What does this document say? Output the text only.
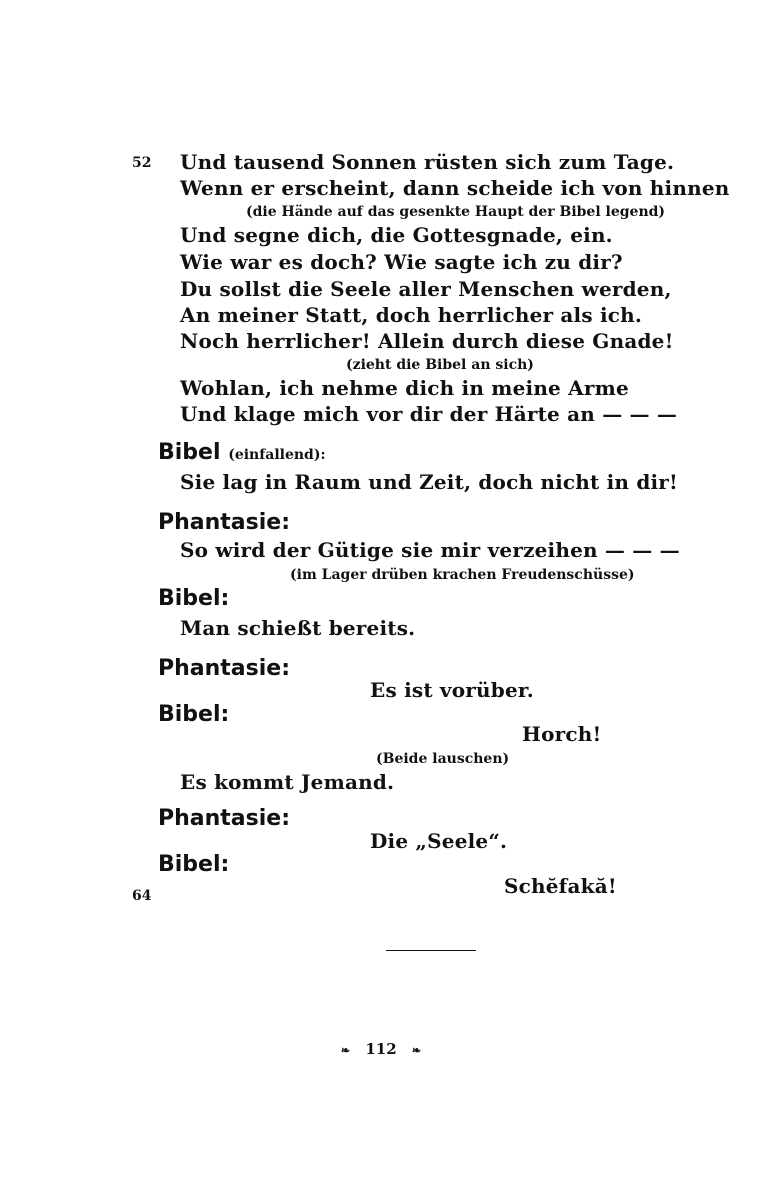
52 Und tausend Sonnen rüsten sich zum Tage.
Wenn er erscheint, dann scheide ich von hinnen
(die Hände auf das gesenkte Haupt der Bibel legend)
Und segne dich, die Gottesgnade, ein.
Wie war es doch? Wie sagte ich zu dir?
Du sollst die Seele aller Menschen werden,
An meiner Statt, doch herrlicher als ich.
Noch herrlicher! Allein durch diese Gnade!
(zieht die Bibel an sich)
Wohlan, ich nehme dich in meine Arme
Und klage mich vor dir der Härte an — — —
Bibel (einfallend):
Sie lag in Raum und Zeit, doch nicht in dir!
Phantasie:
So wird der Gütige sie mir verzeihen — — —
(im Lager drüben krachen Freudenschüsse)
Bibel:
Man schießt bereits.
Phantasie:
Es ist vorüber.
Bibel:
Horch!
(Beide lauschen)
Es kommt Jemand.
Phantasie:
Die „Seele“.
Bibel:
64	Schĕfakă!
❧ 112 ❧
